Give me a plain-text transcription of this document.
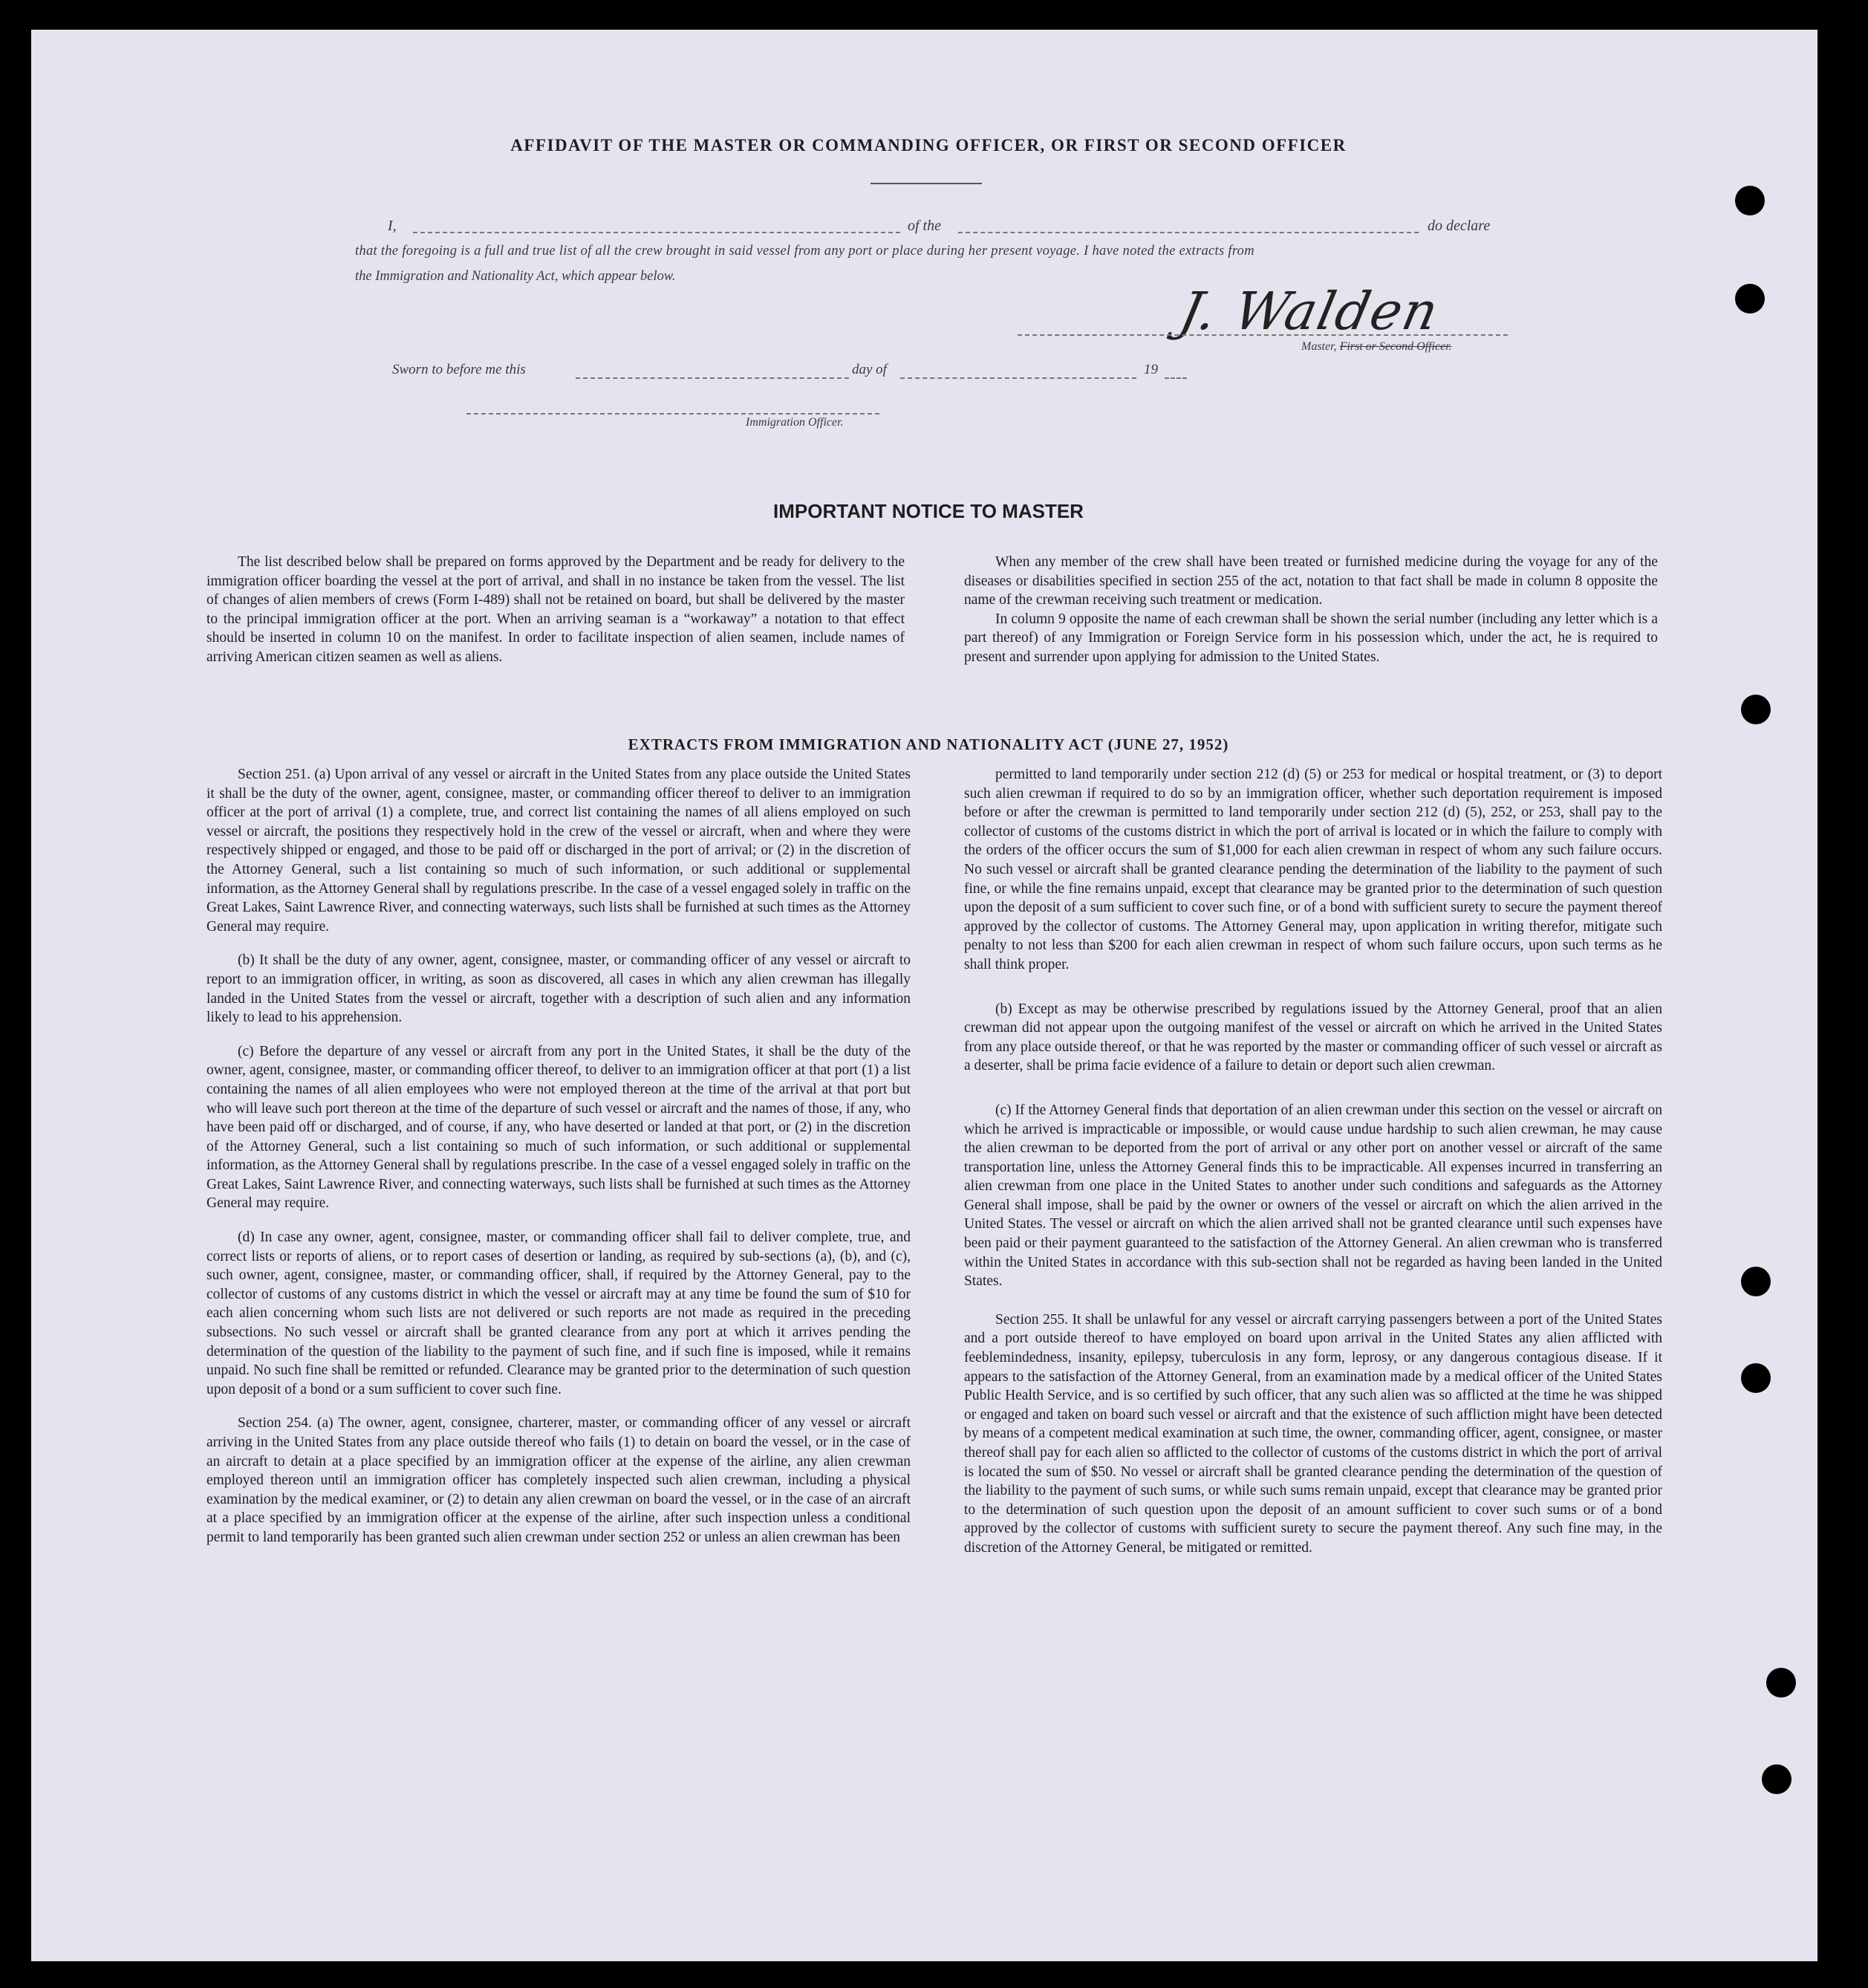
AFFIDAVIT OF THE MASTER OR COMMANDING OFFICER, OR FIRST OR SECOND OFFICER
I,	of the	do declare
that the foregoing is a full and true list of all the crew brought in said vessel from any port or place during her present voyage. I have noted the extracts from
the Immigration and Nationality Act, which appear below.
J. Walden
Master, First or Second Officer.
Sworn to before me this	day of	19
Immigration Officer.
IMPORTANT NOTICE TO MASTER

The list described below shall be prepared on forms approved by the Department and be ready for delivery to the immigration officer boarding the vessel at the port of arrival, and shall in no instance be taken from the vessel. The list of changes of alien members of crews (Form I-489) shall not be retained on board, but shall be delivered by the master to the principal immigration officer at the port. When an arriving seaman is a “workaway” a notation to that effect should be inserted in column 10 on the manifest. In order to facilitate inspection of alien seamen, include names of arriving American citizen seamen as well as aliens.

When any member of the crew shall have been treated or furnished medicine during the voyage for any of the diseases or disabilities specified in section 255 of the act, notation to that fact shall be made in column 8 opposite the name of the crewman receiving such treatment or medication.

In column 9 opposite the name of each crewman shall be shown the serial number (including any letter which is a part thereof) of any Immigration or Foreign Service form in his possession which, under the act, he is required to present and surrender upon applying for admission to the United States.

EXTRACTS FROM IMMIGRATION AND NATIONALITY ACT (JUNE 27, 1952)

Section 251. (a) Upon arrival of any vessel or aircraft in the United States from any place outside the United States it shall be the duty of the owner, agent, consignee, master, or commanding officer thereof to deliver to an immigration officer at the port of arrival (1) a complete, true, and correct list containing the names of all aliens employed on such vessel or aircraft, the positions they respectively hold in the crew of the vessel or aircraft, when and where they were respectively shipped or engaged, and those to be paid off or discharged in the port of arrival; or (2) in the discretion of the Attorney General, such a list containing so much of such information, or such additional or supplemental information, as the Attorney General shall by regulations prescribe. In the case of a vessel engaged solely in traffic on the Great Lakes, Saint Lawrence River, and connecting waterways, such lists shall be furnished at such times as the Attorney General may require.

(b) It shall be the duty of any owner, agent, consignee, master, or commanding officer of any vessel or aircraft to report to an immigration officer, in writing, as soon as discovered, all cases in which any alien crewman has illegally landed in the United States from the vessel or aircraft, together with a description of such alien and any information likely to lead to his apprehension.

(c) Before the departure of any vessel or aircraft from any port in the United States, it shall be the duty of the owner, agent, consignee, master, or commanding officer thereof, to deliver to an immigration officer at that port (1) a list containing the names of all alien employees who were not employed thereon at the time of the arrival at that port but who will leave such port thereon at the time of the departure of such vessel or aircraft and the names of those, if any, who have been paid off or discharged, and of course, if any, who have deserted or landed at that port, or (2) in the discretion of the Attorney General, such a list containing so much of such information, or such additional or supplemental information, as the Attorney General shall by regulations prescribe. In the case of a vessel engaged solely in traffic on the Great Lakes, Saint Lawrence River, and connecting waterways, such lists shall be furnished at such times as the Attorney General may require.

(d) In case any owner, agent, consignee, master, or commanding officer shall fail to deliver complete, true, and correct lists or reports of aliens, or to report cases of desertion or landing, as required by sub-sections (a), (b), and (c), such owner, agent, consignee, master, or commanding officer, shall, if required by the Attorney General, pay to the collector of customs of any customs district in which the vessel or aircraft may at any time be found the sum of $10 for each alien concerning whom such lists are not delivered or such reports are not made as required in the preceding subsections. No such vessel or aircraft shall be granted clearance from any port at which it arrives pending the determination of the question of the liability to the payment of such fine, and if such fine is imposed, while it remains unpaid. No such fine shall be remitted or refunded. Clearance may be granted prior to the determination of such question upon deposit of a bond or a sum sufficient to cover such fine.

Section 254. (a) The owner, agent, consignee, charterer, master, or commanding officer of any vessel or aircraft arriving in the United States from any place outside thereof who fails (1) to detain on board the vessel, or in the case of an aircraft to detain at a place specified by an immigration officer at the expense of the airline, any alien crewman employed thereon until an immigration officer has completely inspected such alien crewman, including a physical examination by the medical examiner, or (2) to detain any alien crewman on board the vessel, or in the case of an aircraft at a place specified by an immigration officer at the expense of the airline, after such inspection unless a conditional permit to land temporarily has been granted such alien crewman under section 252 or unless an alien crewman has been

permitted to land temporarily under section 212 (d) (5) or 253 for medical or hospital treatment, or (3) to deport such alien crewman if required to do so by an immigration officer, whether such deportation requirement is imposed before or after the crewman is permitted to land temporarily under section 212 (d) (5), 252, or 253, shall pay to the collector of customs of the customs district in which the port of arrival is located or in which the failure to comply with the orders of the officer occurs the sum of $1,000 for each alien crewman in respect of whom any such failure occurs. No such vessel or aircraft shall be granted clearance pending the determination of the liability to the payment of such fine, or while the fine remains unpaid, except that clearance may be granted prior to the determination of such question upon the deposit of a sum sufficient to cover such fine, or of a bond with sufficient surety to secure the payment thereof approved by the collector of customs. The Attorney General may, upon application in writing therefor, mitigate such penalty to not less than $200 for each alien crewman in respect of whom such failure occurs, upon such terms as he shall think proper.

(b) Except as may be otherwise prescribed by regulations issued by the Attorney General, proof that an alien crewman did not appear upon the outgoing manifest of the vessel or aircraft on which he arrived in the United States from any place outside thereof, or that he was reported by the master or commanding officer of such vessel or aircraft as a deserter, shall be prima facie evidence of a failure to detain or deport such alien crewman.

(c) If the Attorney General finds that deportation of an alien crewman under this section on the vessel or aircraft on which he arrived is impracticable or impossible, or would cause undue hardship to such alien crewman, he may cause the alien crewman to be deported from the port of arrival or any other port on another vessel or aircraft of the same transportation line, unless the Attorney General finds this to be impracticable. All expenses incurred in transferring an alien crewman from one place in the United States to another under such conditions and safeguards as the Attorney General shall impose, shall be paid by the owner or owners of the vessel or aircraft on which the alien arrived in the United States. The vessel or aircraft on which the alien arrived shall not be granted clearance until such expenses have been paid or their payment guaranteed to the satisfaction of the Attorney General. An alien crewman who is transferred within the United States in accordance with this sub-section shall not be regarded as having been landed in the United States.

Section 255. It shall be unlawful for any vessel or aircraft carrying passengers between a port of the United States and a port outside thereof to have employed on board upon arrival in the United States any alien afflicted with feeblemindedness, insanity, epilepsy, tuberculosis in any form, leprosy, or any dangerous contagious disease. If it appears to the satisfaction of the Attorney General, from an examination made by a medical officer of the United States Public Health Service, and is so certified by such officer, that any such alien was so afflicted at the time he was shipped or engaged and taken on board such vessel or aircraft and that the existence of such affliction might have been detected by means of a competent medical examination at such time, the owner, commanding officer, agent, consignee, or master thereof shall pay for each alien so afflicted to the collector of customs of the customs district in which the port of arrival is located the sum of $50. No vessel or aircraft shall be granted clearance pending the determination of the question of the liability to the payment of such sums, or while such sums remain unpaid, except that clearance may be granted prior to the determination of such question upon the deposit of an amount sufficient to cover such sums or of a bond approved by the collector of customs with sufficient surety to secure the payment thereof. Any such fine may, in the discretion of the Attorney General, be mitigated or remitted.
